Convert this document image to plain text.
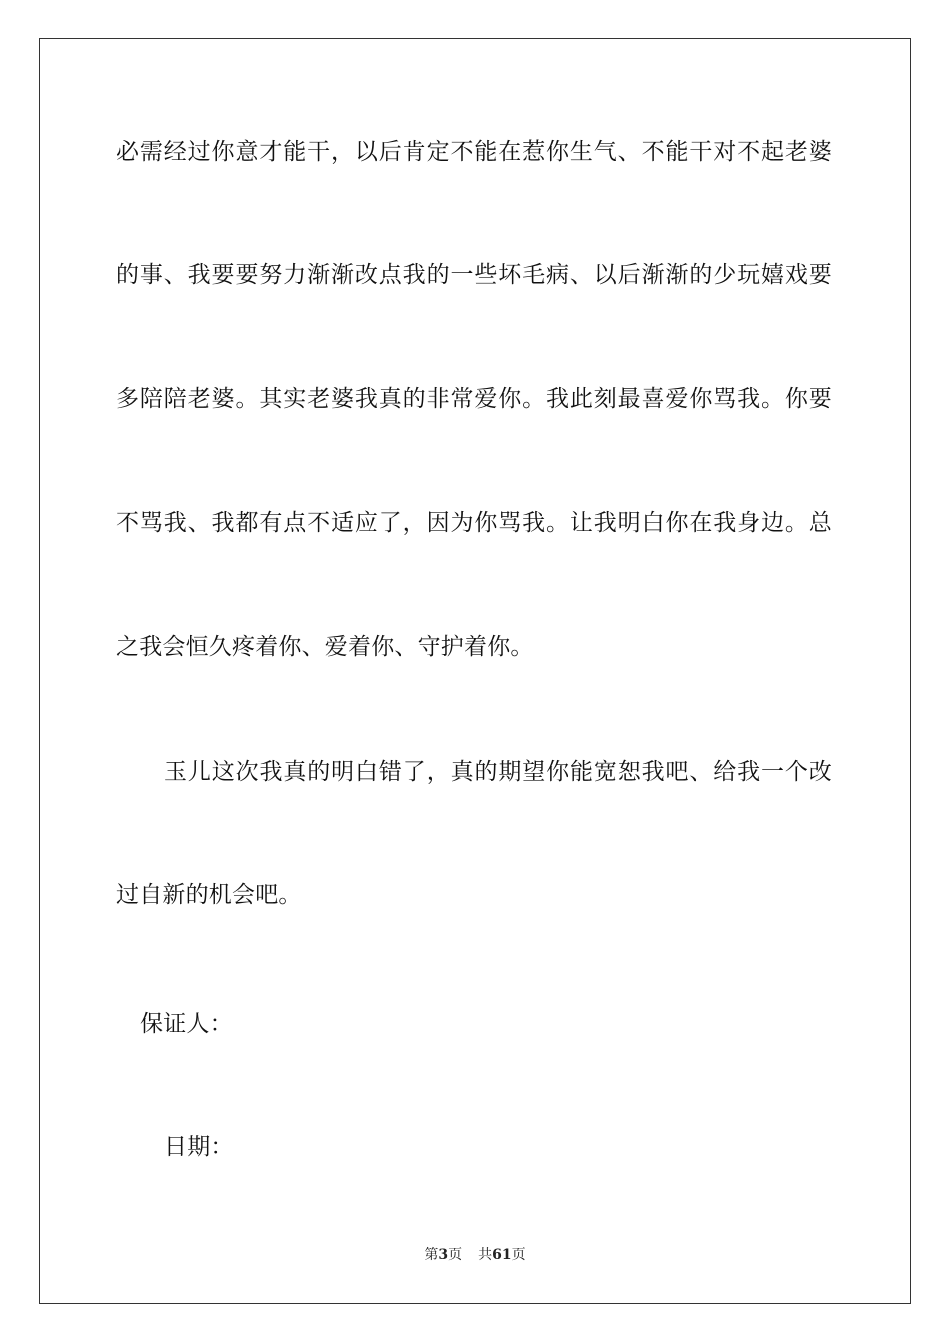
必需经过你意才能干，以后肯定不能在惹你生气、不能干对不起老婆
的事、我要要努力渐渐改点我的一些坏毛病、以后渐渐的少玩嬉戏要
多陪陪老婆。其实老婆我真的非常爱你。我此刻最喜爱你骂我。你要
不骂我、我都有点不适应了，因为你骂我。让我明白你在我身边。总
之我会恒久疼着你、爱着你、守护着你。
玉儿这次我真的明白错了，真的期望你能宽恕我吧、给我一个改
过自新的机会吧。
保证人：
日期：
第3页 共61页
